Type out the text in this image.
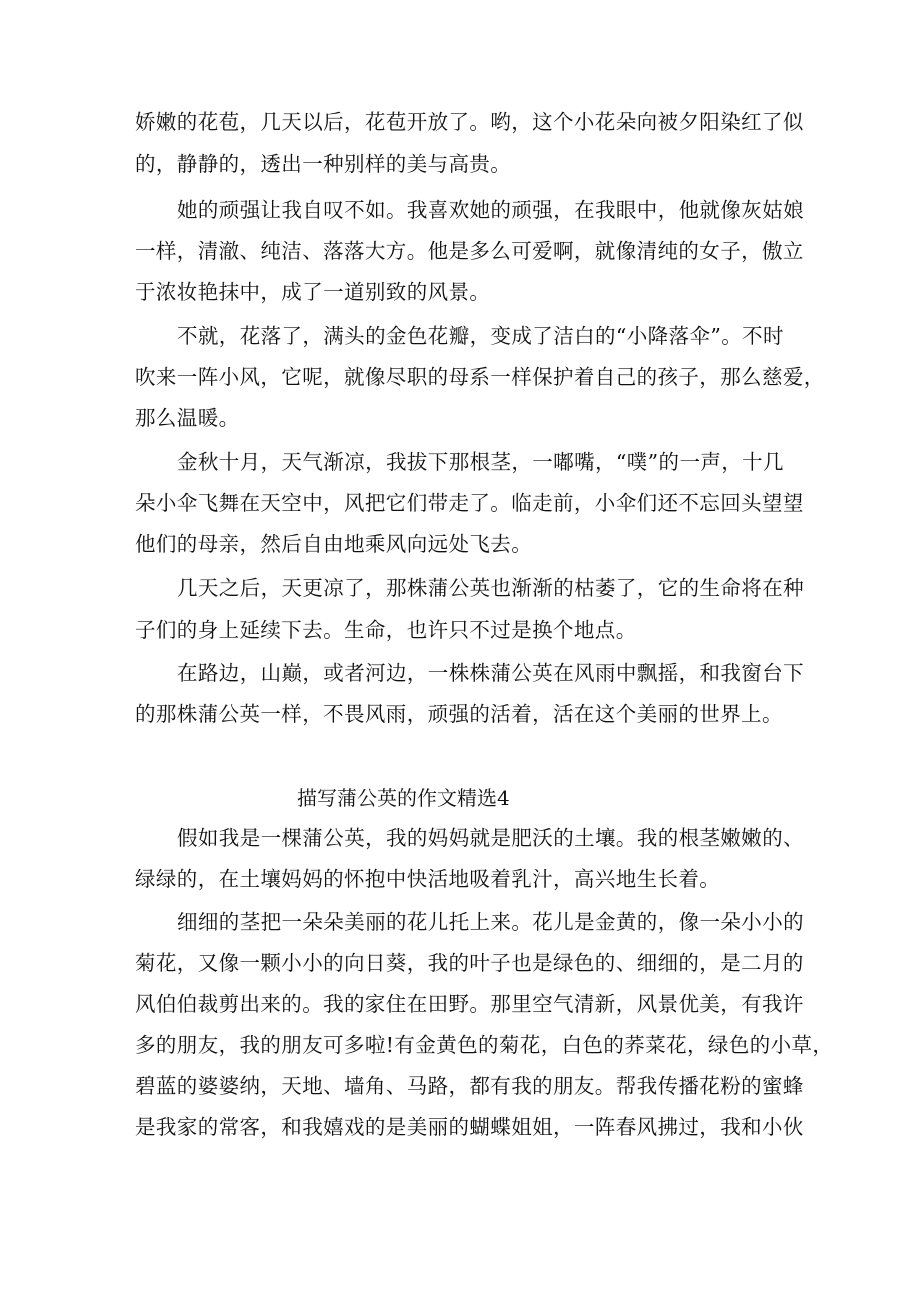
娇嫩的花苞，几天以后，花苞开放了。哟，这个小花朵向被夕阳染红了似
的，静静的，透出一种别样的美与高贵。
她的顽强让我自叹不如。我喜欢她的顽强，在我眼中，他就像灰姑娘
一样，清澈、纯洁、落落大方。他是多么可爱啊，就像清纯的女子，傲立
于浓妆艳抹中，成了一道别致的风景。
不就，花落了，满头的金色花瓣，变成了洁白的“小降落伞”。不时
吹来一阵小风，它呢，就像尽职的母系一样保护着自己的孩子，那么慈爱，
那么温暖。
金秋十月，天气渐凉，我拔下那根茎，一嘟嘴，“噗”的一声，十几
朵小伞飞舞在天空中，风把它们带走了。临走前，小伞们还不忘回头望望
他们的母亲，然后自由地乘风向远处飞去。
几天之后，天更凉了，那株蒲公英也渐渐的枯萎了，它的生命将在种
子们的身上延续下去。生命，也许只不过是换个地点。
在路边，山巅，或者河边，一株株蒲公英在风雨中飘摇，和我窗台下
的那株蒲公英一样，不畏风雨，顽强的活着，活在这个美丽的世界上。
描写蒲公英的作文精选4
假如我是一棵蒲公英，我的妈妈就是肥沃的土壤。我的根茎嫩嫩的、
绿绿的，在土壤妈妈的怀抱中快活地吸着乳汁，高兴地生长着。
细细的茎把一朵朵美丽的花儿托上来。花儿是金黄的，像一朵小小的
菊花，又像一颗小小的向日葵，我的叶子也是绿色的、细细的，是二月的
风伯伯裁剪出来的。我的家住在田野。那里空气清新，风景优美，有我许
多的朋友，我的朋友可多啦!有金黄色的菊花，白色的荞菜花，绿色的小草，
碧蓝的婆婆纳，天地、墙角、马路，都有我的朋友。帮我传播花粉的蜜蜂
是我家的常客，和我嬉戏的是美丽的蝴蝶姐姐，一阵春风拂过，我和小伙
